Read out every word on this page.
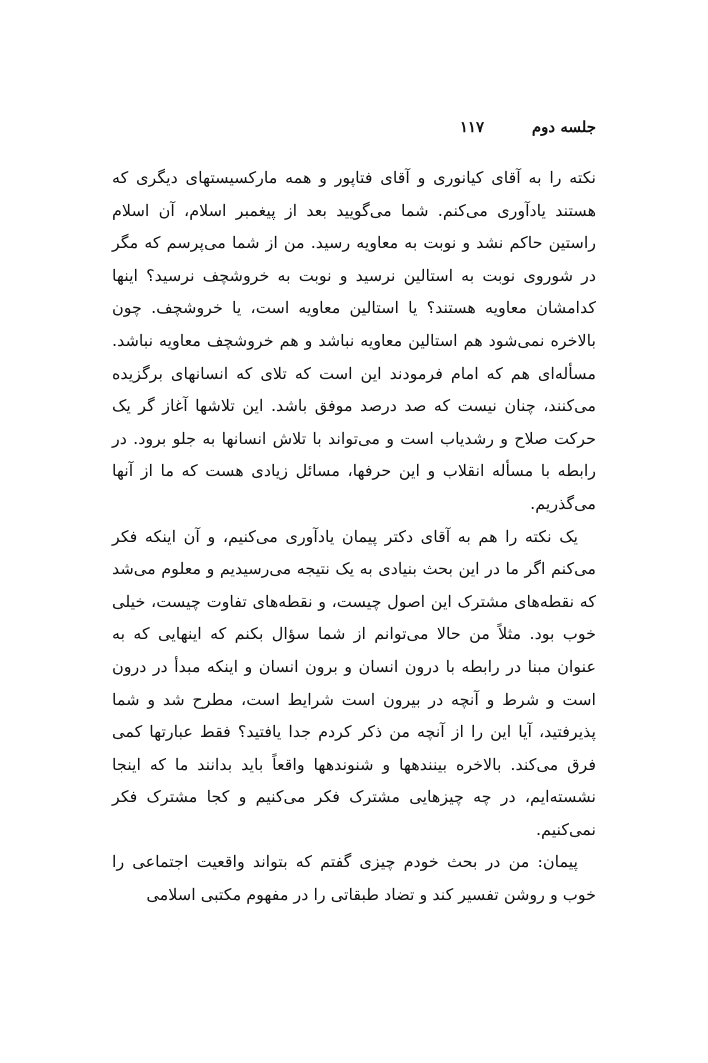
جلسه دوم
۱۱۷

نکته را به آقای کیانوری و آقای فتاپور و همه مارکسیستهای دیگری که هستند یادآوری می‌کنم. شما می‌گویید بعد از پیغمبر اسلام، آن اسلام راستین حاکم نشد و نوبت به معاویه رسید. من از شما می‌پرسم که مگر در شوروی نوبت به استالین نرسید و نوبت به خروشچف نرسید؟ اینها کدامشان معاویه هستند؟ یا استالین معاویه است، یا خروشچف. چون بالاخره نمی‌شود هم استالین معاویه نباشد و هم خروشچف معاویه نباشد. مسأله‌ای هم که امام فرمودند این است که تلای که انسانهای برگزیده می‌کنند، چنان نیست که صد درصد موفق باشد. این تلاشها آغاز گر یک حرکت صلاح و رشدیاب است و می‌تواند با تلاش انسانها به جلو برود. در رابطه با مسأله انقلاب و این حرفها، مسائل زیادی هست که ما از آنها می‌گذریم.

یک نکته را هم به آقای دکتر پیمان یادآوری می‌کنیم، و آن اینکه فکر می‌کنم اگر ما در این بحث بنیادی به یک نتیجه می‌رسیدیم و معلوم می‌شد که نقطه‌های مشترک این اصول چیست، و نقطه‌های تفاوت چیست، خیلی خوب بود. مثلاً من حالا می‌توانم از شما سؤال بکنم که اینهایی که به عنوان مبنا در رابطه با درون انسان و برون انسان و اینکه مبدأ در درون است و شرط و آنچه در بیرون است شرایط است، مطرح شد و شما پذیرفتید، آیا این را از آنچه من ذکر کردم جدا یافتید؟ فقط عبارتها کمی فرق می‌کند. بالاخره بینندهها و شنوندهها واقعاً باید بدانند ما که اینجا نشسته‌ایم، در چه چیزهایی مشترک فکر می‌کنیم و کجا مشترک فکر نمی‌کنیم.

پیمان: من در بحث خودم چیزی گفتم که بتواند واقعیت اجتماعی را خوب و روشن تفسیر کند و تضاد طبقاتی را در مفهوم مکتبی اسلامی
